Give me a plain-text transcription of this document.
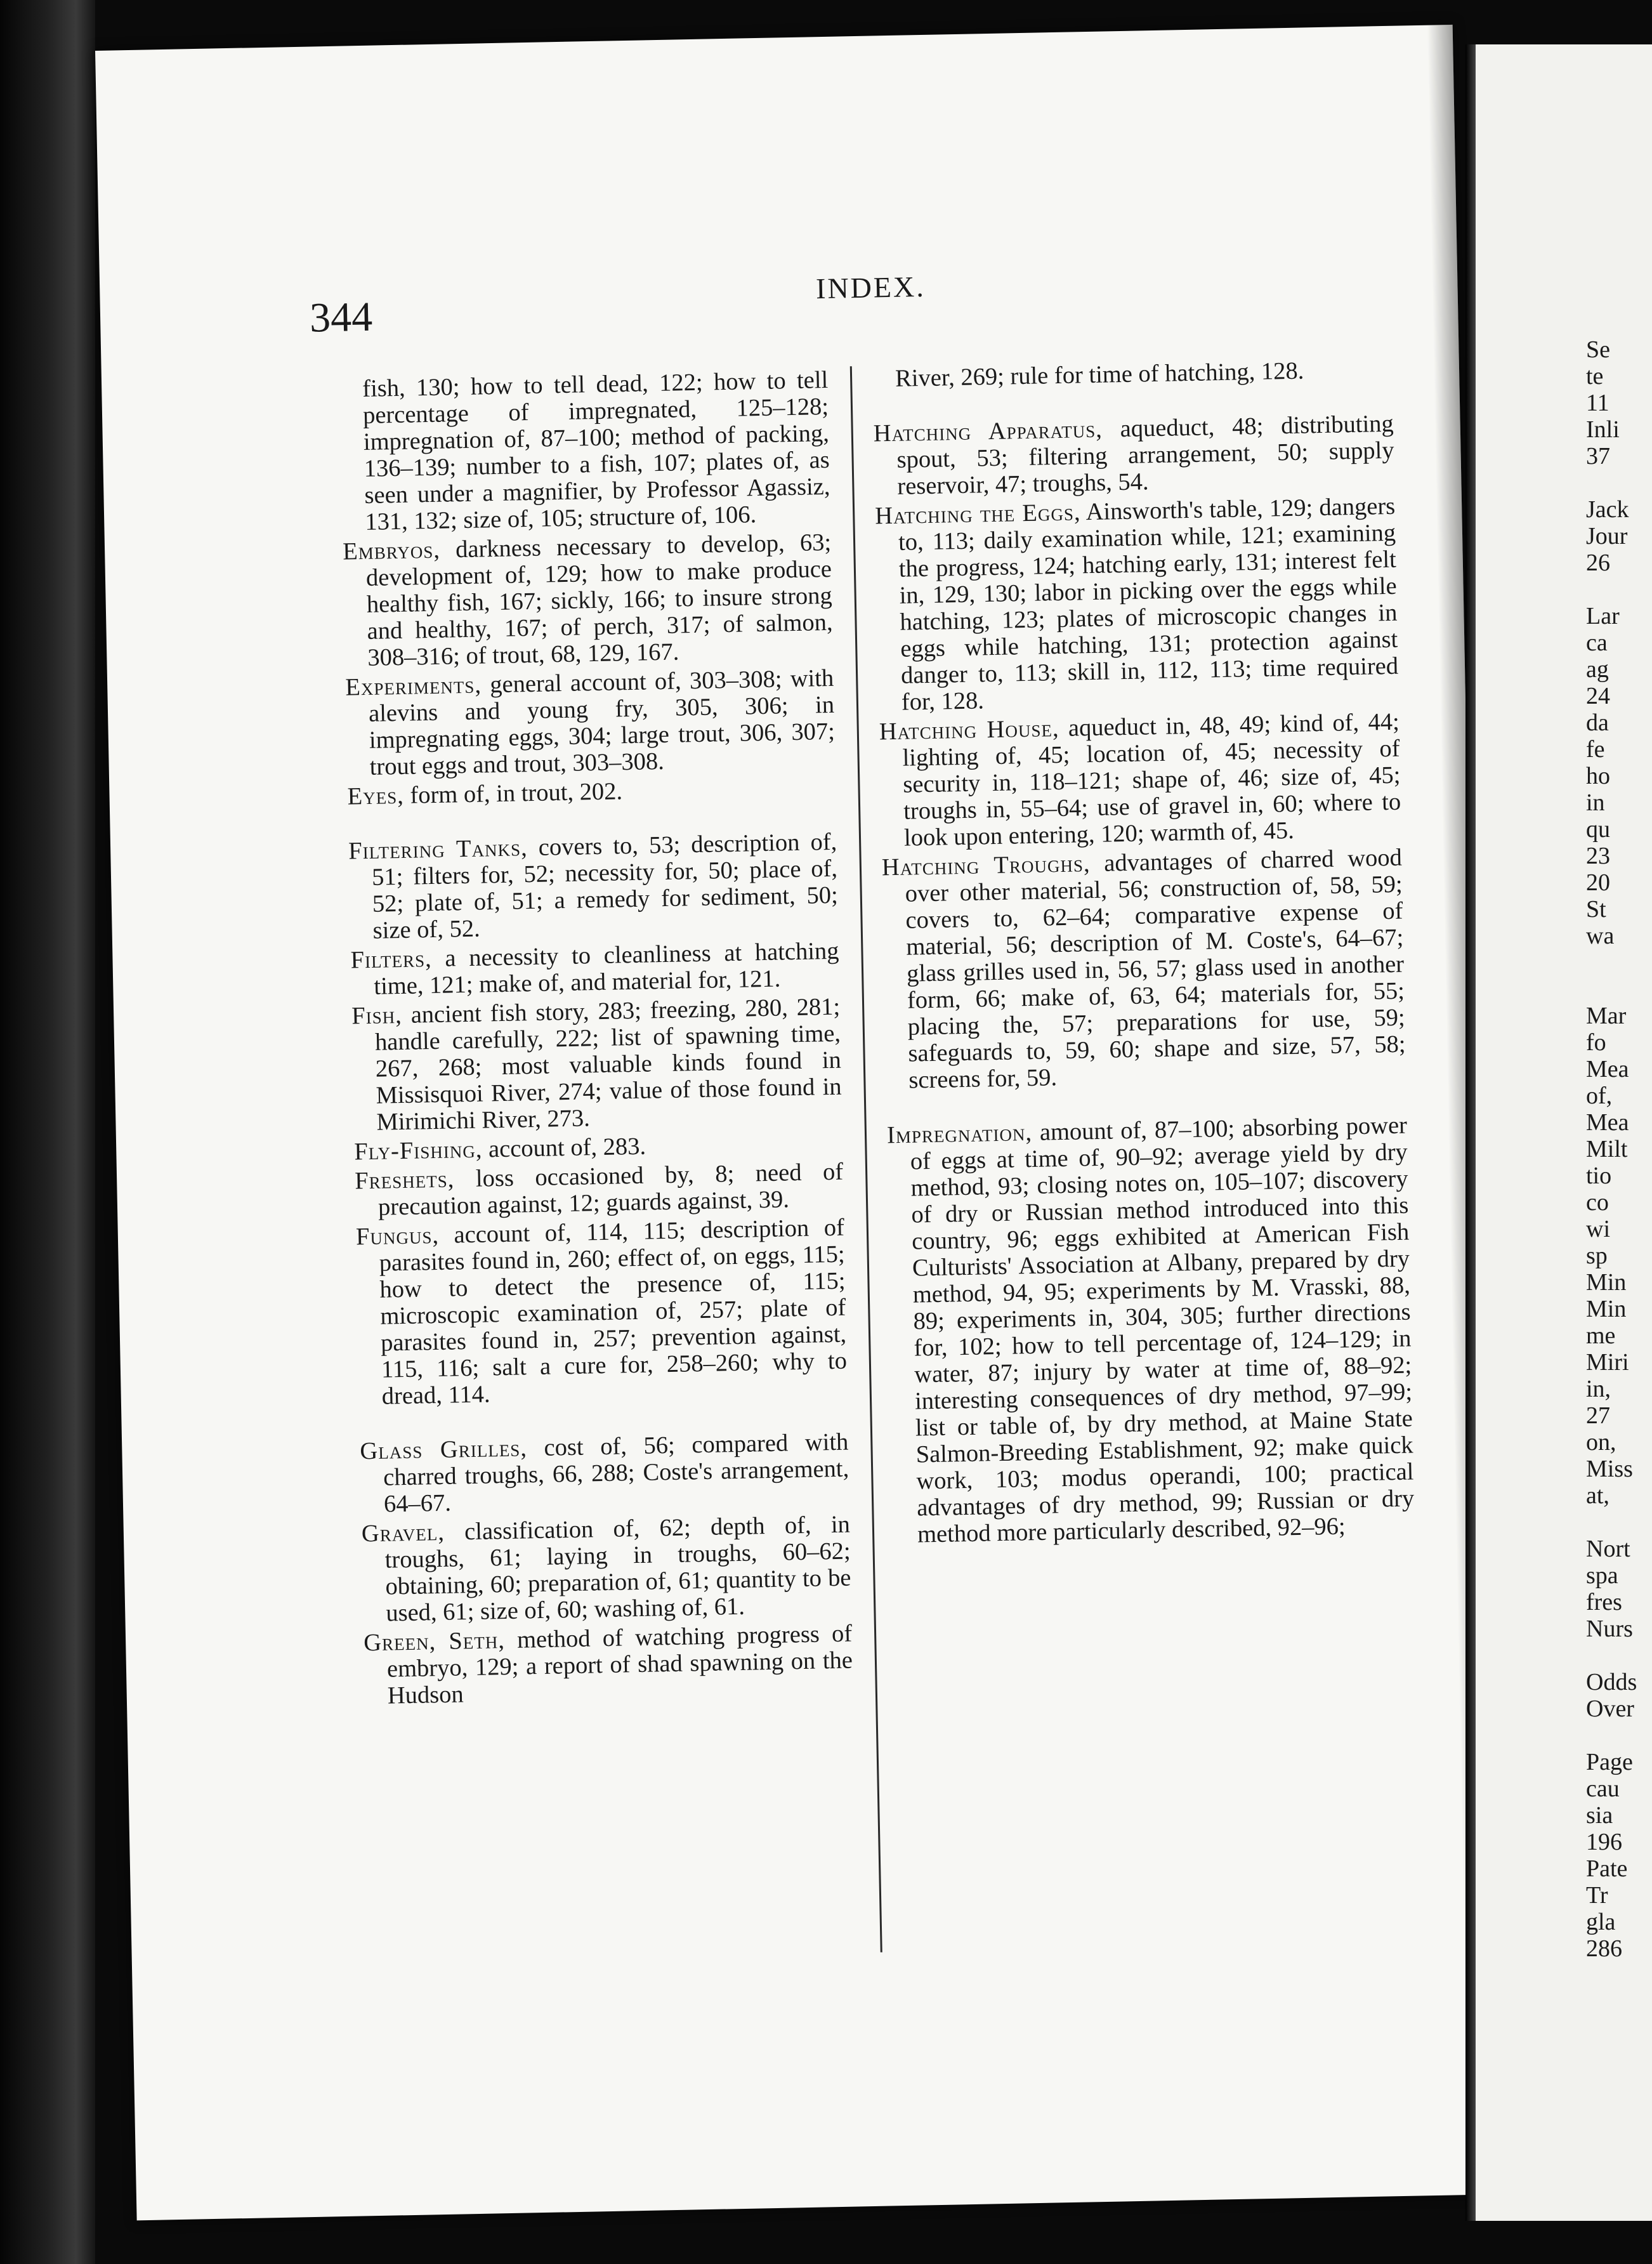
344
INDEX.

fish, 130; how to tell dead, 122; how to tell percentage of impregnated, 125–128; impregnation of, 87–100; method of packing, 136–139; number to a fish, 107; plates of, as seen under a magnifier, by Professor Agassiz, 131, 132; size of, 105; structure of, 106.

Embryos, darkness necessary to develop, 63; development of, 129; how to make produce healthy fish, 167; sickly, 166; to insure strong and healthy, 167; of perch, 317; of salmon, 308–316; of trout, 68, 129, 167.

Experiments, general account of, 303–308; with alevins and young fry, 305, 306; in impregnating eggs, 304; large trout, 306, 307; trout eggs and trout, 303–308.

Eyes, form of, in trout, 202.

Filtering Tanks, covers to, 53; description of, 51; filters for, 52; necessity for, 50; place of, 52; plate of, 51; a remedy for sediment, 50; size of, 52.

Filters, a necessity to cleanliness at hatching time, 121; make of, and material for, 121.

Fish, ancient fish story, 283; freezing, 280, 281; handle carefully, 222; list of spawning time, 267, 268; most valuable kinds found in Missisquoi River, 274; value of those found in Mirimichi River, 273.

Fly-Fishing, account of, 283.

Freshets, loss occasioned by, 8; need of precaution against, 12; guards against, 39.

Fungus, account of, 114, 115; description of parasites found in, 260; effect of, on eggs, 115; how to detect the presence of, 115; microscopic examination of, 257; plate of parasites found in, 257; prevention against, 115, 116; salt a cure for, 258–260; why to dread, 114.

Glass Grilles, cost of, 56; compared with charred troughs, 66, 288; Coste's arrangement, 64–67.

Gravel, classification of, 62; depth of, in troughs, 61; laying in troughs, 60–62; obtaining, 60; preparation of, 61; quantity to be used, 61; size of, 60; washing of, 61.

Green, Seth, method of watching progress of embryo, 129; a report of shad spawning on the Hudson

River, 269; rule for time of hatching, 128.

Hatching Apparatus, aqueduct, 48; distributing spout, 53; filtering arrangement, 50; supply reservoir, 47; troughs, 54.

Hatching the Eggs, Ainsworth's table, 129; dangers to, 113; daily examination while, 121; examining the progress, 124; hatching early, 131; interest felt in, 129, 130; labor in picking over the eggs while hatching, 123; plates of microscopic changes in eggs while hatching, 131; protection against danger to, 113; skill in, 112, 113; time required for, 128.

Hatching House, aqueduct in, 48, 49; kind of, 44; lighting of, 45; location of, 45; necessity of security in, 118–121; shape of, 46; size of, 45; troughs in, 55–64; use of gravel in, 60; where to look upon entering, 120; warmth of, 45.

Hatching Troughs, advantages of charred wood over other material, 56; construction of, 58, 59; covers to, 62–64; comparative expense of material, 56; description of M. Coste's, 64–67; glass grilles used in, 56, 57; glass used in another form, 66; make of, 63, 64; materials for, 55; placing the, 57; preparations for use, 59; safeguards to, 59, 60; shape and size, 57, 58; screens for, 59.

Impregnation, amount of, 87–100; absorbing power of eggs at time of, 90–92; average yield by dry method, 93; closing notes on, 105–107; discovery of dry or Russian method introduced into this country, 96; eggs exhibited at American Fish Culturists' Association at Albany, prepared by dry method, 94, 95; experiments by M. Vrasski, 88, 89; experiments in, 304, 305; further directions for, 102; how to tell percentage of, 124–129; in water, 87; injury by water at time of, 88–92; interesting consequences of dry method, 97–99; list or table of, by dry method, at Maine State Salmon-Breeding Establishment, 92; make quick work, 103; modus operandi, 100; practical advantages of dry method, 99; Russian or dry method more particularly described, 92–96;

Se
te
11
Inli
37
Jack
Jour
26
Lar
ca
ag
24
da
fe
ho
in
qu
23
20
St
wa
Mar
fo
Mea
of,
Mea
Milt
tio
co
wi
sp
Min
Min
me
Miri
in,
27
on,
Miss
at,
Nort
spa
fres
Nurs
Odds
Over
Page
cau
sia
196
Pate
Tr
gla
286
